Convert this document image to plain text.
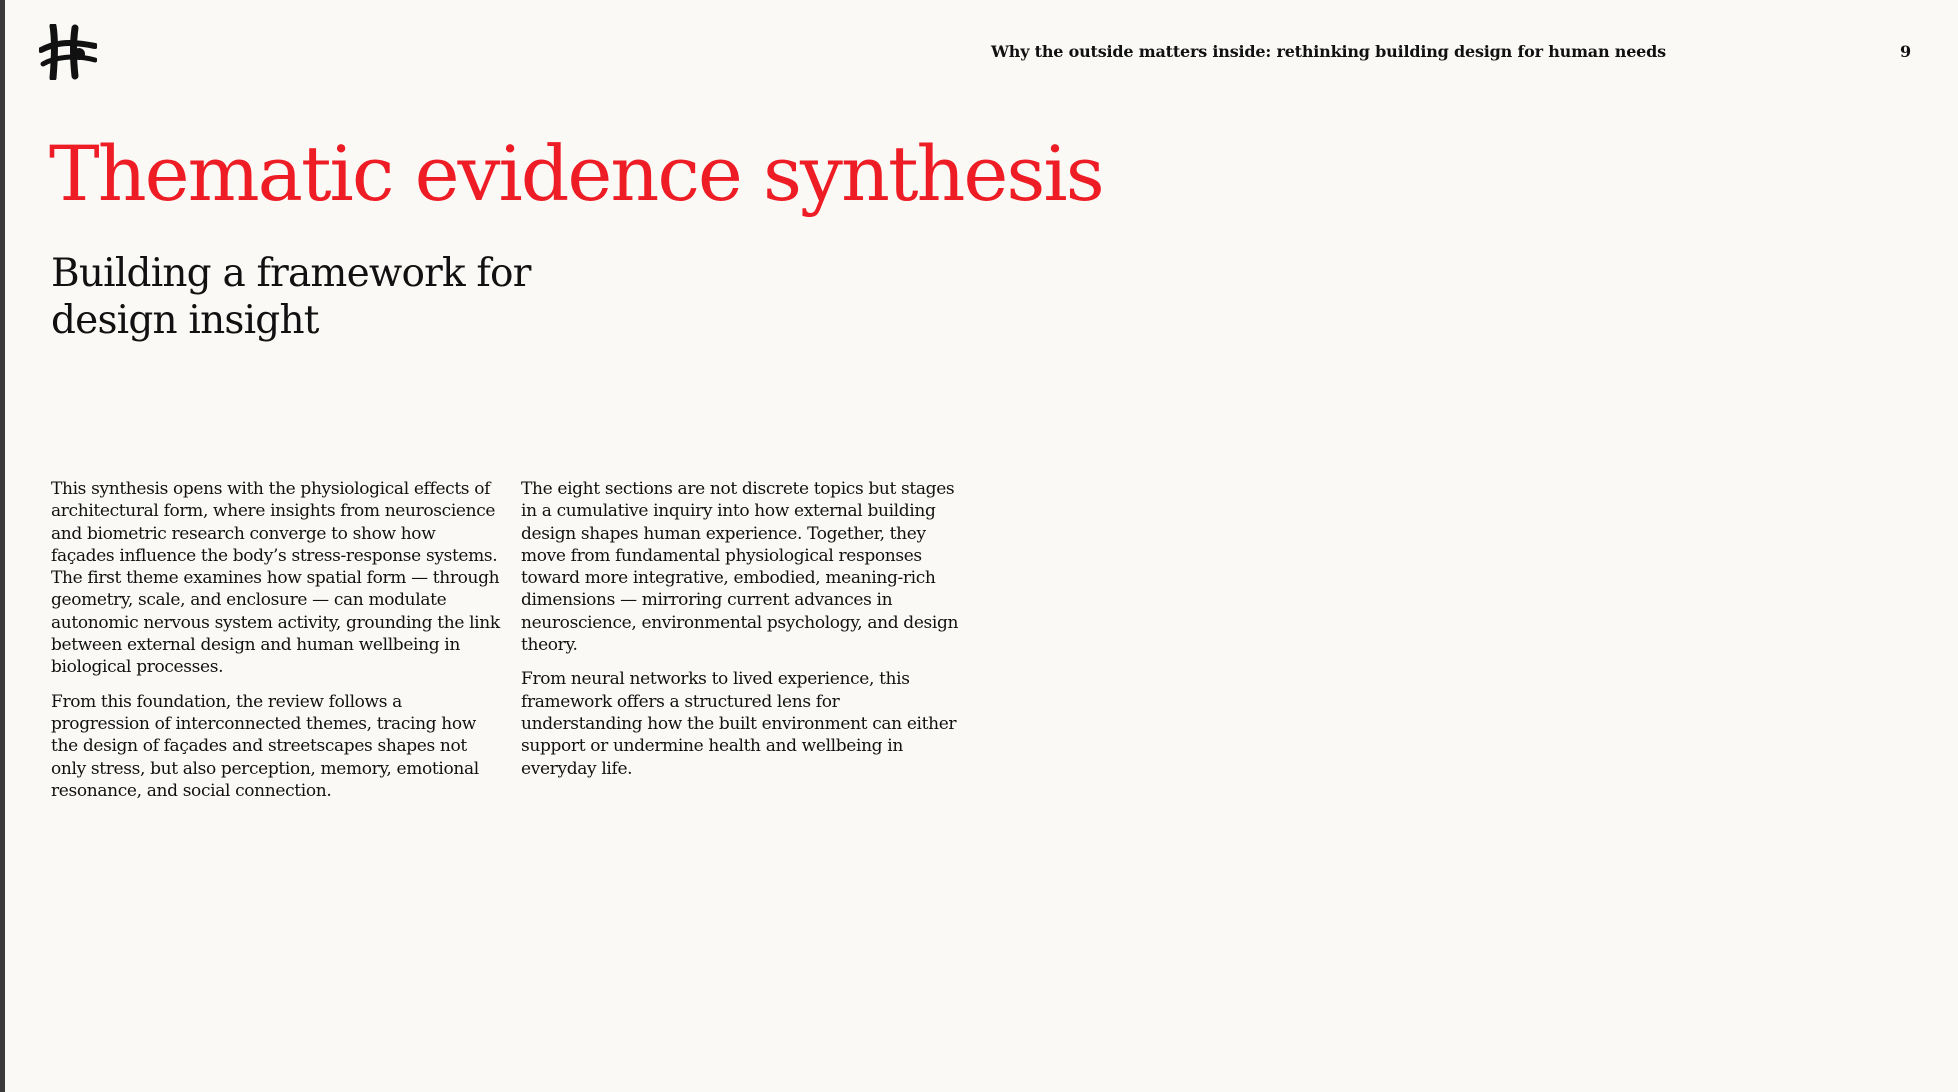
Why the outside matters inside: rethinking building design for human needs	9
Thematic evidence synthesis
Building a framework for design insight

This synthesis opens with the physiological effects of architectural form, where insights from neuroscience and biometric research converge to show how façades influence the body’s stress-response systems. The first theme examines how spatial form — through geometry, scale, and enclosure — can modulate autonomic nervous system activity, grounding the link between external design and human wellbeing in biological processes.

From this foundation, the review follows a progression of interconnected themes, tracing how the design of façades and streetscapes shapes not only stress, but also perception, memory, emotional resonance, and social connection.

The eight sections are not discrete topics but stages in a cumulative inquiry into how external building design shapes human experience. Together, they move from fundamental physiological responses toward more integrative, embodied, meaning-rich dimensions — mirroring current advances in neuroscience, environmental psychology, and design theory.

From neural networks to lived experience, this framework offers a structured lens for understanding how the built environment can either support or undermine health and wellbeing in everyday life.
